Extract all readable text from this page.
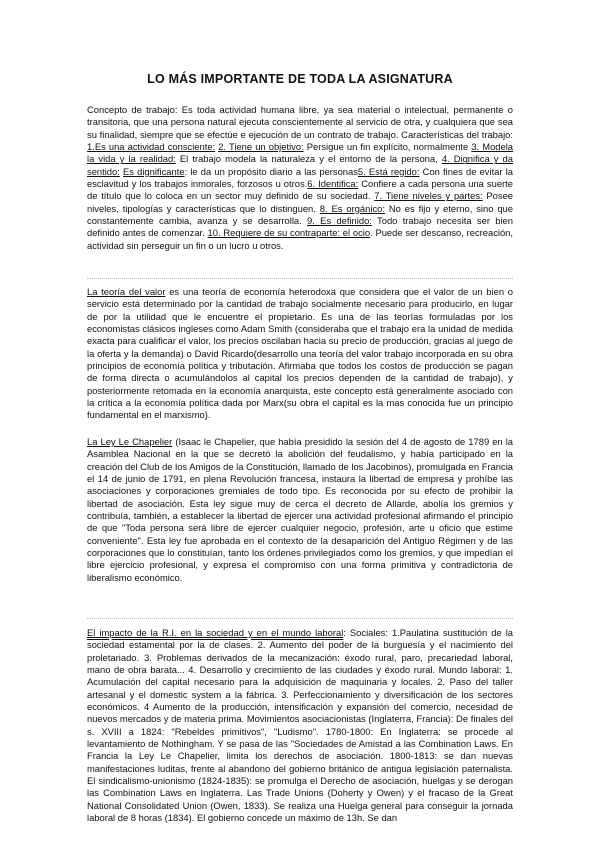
LO MÁS IMPORTANTE DE TODA LA ASIGNATURA

Concepto de trabajo: Es toda actividad humana libre, ya sea material o intelectual, permanente o transitoria, que una persona natural ejecuta conscientemente al servicio de otra, y cualquiera que sea su finalidad, siempre que se efectúe e ejecución de un contrato de trabajo. Características del trabajo: 1.Es una actividad consciente: 2. Tiene un objetivo: Persigue un fin explícito, normalmente 3. Modela la vida y la realidad: El trabajo modela la naturaleza y el entorno de la persona, 4. Dignifica y da sentido: Es dignificante: le da un propósito diario a las personas5. Está regido: Con fines de evitar la esclavitud y los trabajos inmorales, forzosos u otros.6. Identifica: Confiere a cada persona una suerte de título que lo coloca en un sector muy definido de su sociedad. 7. Tiene niveles y partes: Posee niveles, tipologías y características que lo distinguen. 8. Es orgánico: No es fijo y eterno, sino que constantemente cambia, avanza y se desarrolla. 9. Es definido: Todo trabajo necesita ser bien definido antes de comenzar. 10. Requiere de su contraparte: el ocio. Puede ser descanso, recreación, actividad sin perseguir un fin o un lucro u otros.

La teoría del valor es una teoría de economía heterodoxa que considera que el valor de un bien o servicio está determinado por la cantidad de trabajo socialmente necesario para producirlo, en lugar de por la utilidad que le encuentre el propietario. Es una de las teorías formuladas por los economistas clásicos ingleses como Adam Smith (consideraba que el trabajo era la unidad de medida exacta para cualificar el valor, los precios oscilaban hacia su precio de producción, gracias al juego de la oferta y la demanda) o David Ricardo(desarrollo una teoría del valor trabajo incorporada en su obra principios de economía política y tributación. Afirmaba que todos los costos de producción se pagan de forma directa o acumulándolos al capital los precios dependen de la cantidad de trabajo), y posteriormente retomada en la economía anarquista, este concepto está generalmente asociado con la crítica a la economía política dada por Marx(su obra el capital es la mas conocida fue un principio fundamental en el marxismo).

La Ley Le Chapelier (Isaac le Chapelier, que había presidido la sesión del 4 de agosto de 1789 en la Asamblea Nacional en la que se decretó la abolición del feudalismo, y había participado en la creación del Club de los Amigos de la Constitución, llamado de los Jacobinos), promulgada en Francia el 14 de junio de 1791, en plena Revolución francesa, instaura la libertad de empresa y prohíbe las asociaciones y corporaciones gremiales de todo tipo. Es reconocida por su efecto de prohibir la libertad de asociación. Esta ley sigue muy de cerca el decreto de Allarde, abolía los gremios y contribuía, también, a establecer la libertad de ejercer una actividad profesional afirmando el principio de que "Toda persona será libre de ejercer cualquier negocio, profesión, arte u oficio que estime conveniente". Esta ley fue aprobada en el contexto de la desaparición del Antiguo Régimen y de las corporaciones que lo constituían, tanto los órdenes privilegiados como los gremios, y que impedían el libre ejercicio profesional, y expresa el compromiso con una forma primitiva y contradictoria de liberalismo económico.

El impacto de la R.I. en la sociedad y en el mundo laboral: Sociales: 1.Paulatina sustitución de la sociedad estamental por la de clases. 2. Aumento del poder de la burguesía y el nacimiento del proletariado. 3. Problemas derivados de la mecanización: éxodo rural, paro, precariedad laboral, mano de obra barata... 4. Desarrollo y crecimiento de las ciudades y éxodo rural. Mundo laboral: 1. Acumulación del capital necesario para la adquisición de maquinaria y locales. 2. Paso del taller artesanal y el domestic system a la fábrica. 3. Perfeccionamiento y diversificación de los sectores económicos. 4 Aumento de la producción, intensificación y expansión del comercio, necesidad de nuevos mercados y de materia prima. Movimientos asociacionistas (Inglaterra, Francia): De finales del s. XVIII a 1824: "Rebeldes primitivos", "Ludismo". 1780-1800: En Inglaterra: se procede al levantamiento de Nothingham. Y se pasa de las "Sociedades de Amistad a las Combination Laws. En Francia la Ley Le Chapelier, limita los derechos de asociación. 1800-1813: se dan nuevas manifestaciones luditas, frente al abandono del gobierno británico de antigua legislación paternalista. El sindicalismo-unionismo (1824-1835): se promulga el Derecho de asociación, huelgas y se derogan las Combination Laws en Inglaterra. Las Trade Unions (Doherty y Owen) y el fracaso de la Great National Consolidated Union (Owen, 1833). Se realiza una Huelga general para conseguir la jornada laboral de 8 horas (1834). El gobierno concede un máximo de 13h. Se dan
